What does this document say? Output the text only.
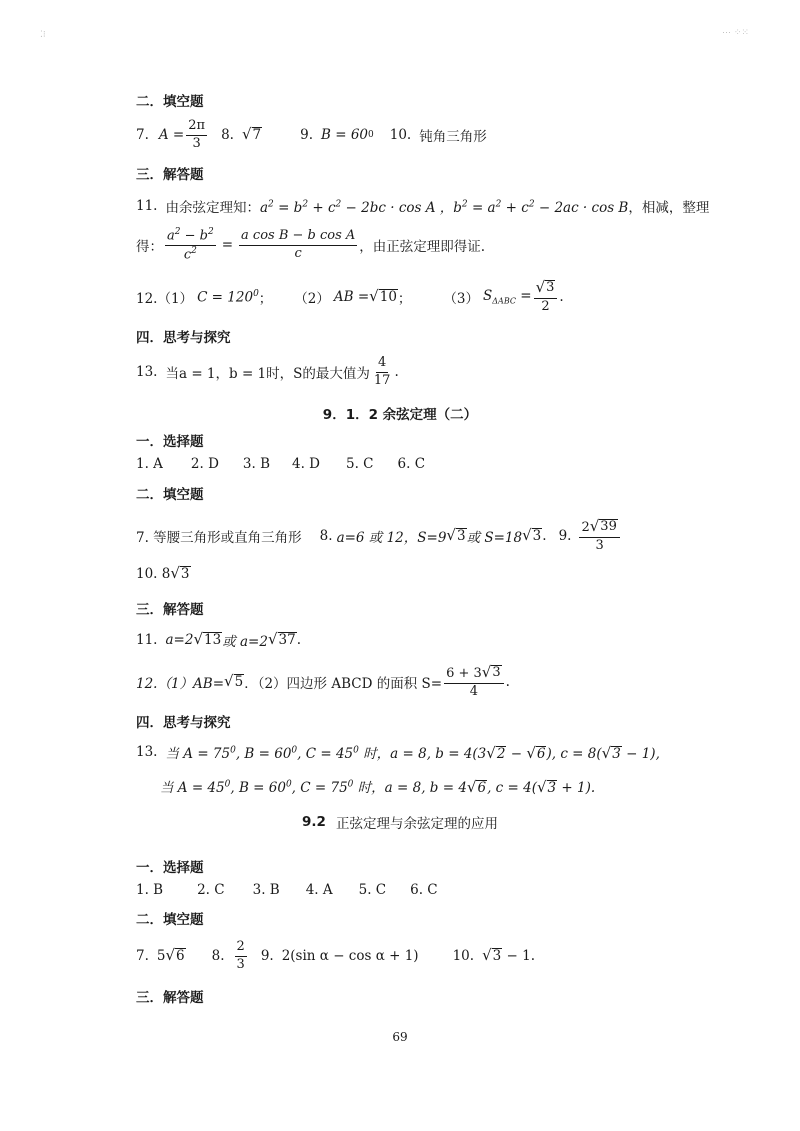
⁚⁝	⋯ ⁘⁙
二．填空题
7. $A = \frac{2\pi}{3} 8$. √ 7	9. B = 60 0 10. 钝角三角形
三．解答题
11. 由余弦定理知： $a^2 = b^2 + c^2 - 2bc \cdot \cos A$ ，$b^2 = a^2 + c^2 - 2ac \cdot \cos B$ ，相减，整理
得： $\frac{a^2 - b^2}{c^2} = \frac{\text{a cos B − b cos A}}{c}$ ，由正弦定理即得证.
12.（1） $C = 120^0$ ； （2） AB = √ 10 ； （3） $S_{\Delta ABC} = \frac{√ 3}{2}$ .
四．思考与探究
13. 当a = 1，b = 1时，S的最大值为 $\frac{4}{17}$ .
9．1．2 余弦定理（二）
一．选择题
1. A 2. D 3. B 4. D 5. C 6. C
二．填空题
7. 等腰三角形或直角三角形 8. a=6 或 12，S=9 √ 3 或 S=18 √ 3 . 9. $\frac{2 √ 39}{3}$
10. 8 √ 3
三．解答题
11. a=2 √ 13 或 a=2 √ 37 .
12.（1）AB= √ 5 ．（2）四边形 ABCD 的面积 $S= \frac{6 + 3 √ 3}{4}$ .
四．思考与探究
13. 当 $A = 75^0$, $B = 60^0$, $C = 45^0$ 时，a = 8, b = 4(3 √ 2 − √ 6 ), c = 8( √ 3 − 1),
当 $A = 45^0$, $B = 60^0$, $C = 75^0$ 时，a = 8, b = 4 √ 6 , c = 4( √ 3 + 1).
9.2 正弦定理与余弦定理的应用
一．选择题
1. B	2. C 3. B 4. A 5. C 6. C
二．填空题
7. 5 √ 6 8. $\frac{2}{3} 9$. 2(sin α − cos α + 1)	10. √ 3 − 1.
三．解答题
69
